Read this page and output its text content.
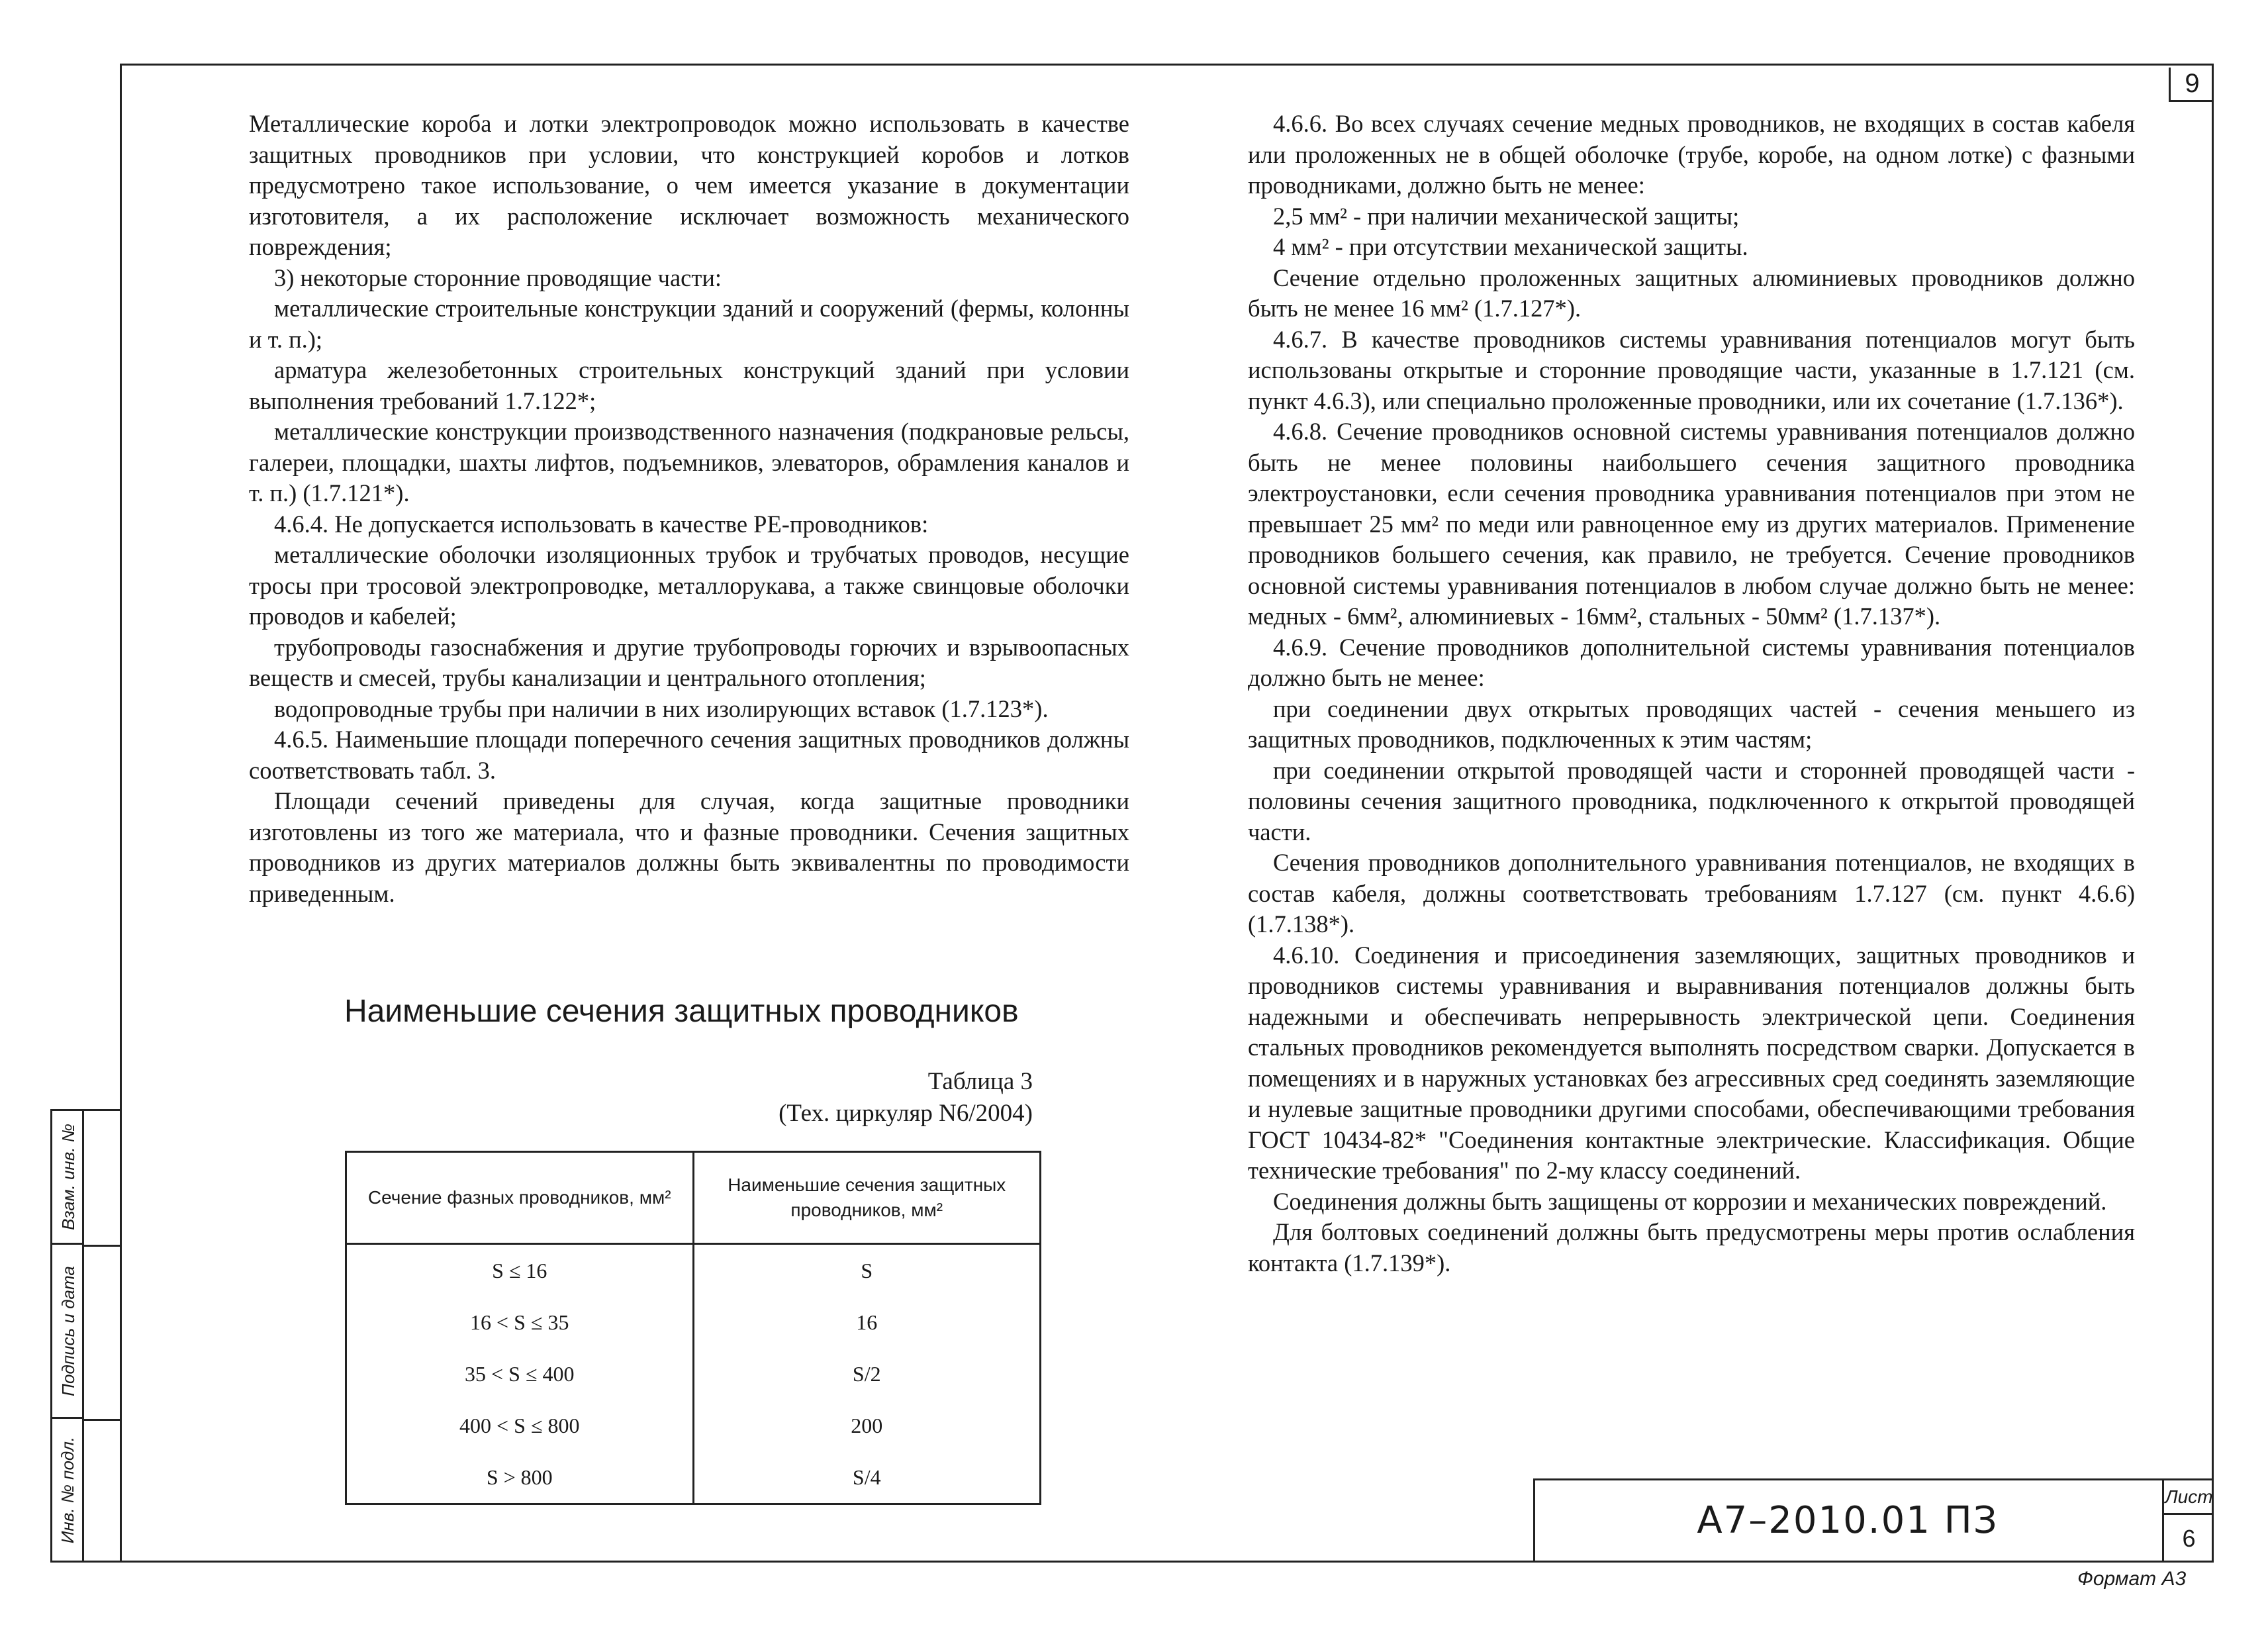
9
Взам. инв. №
Подпись и дата
Инв. № подл.

Металлические короба и лотки электропроводок можно использовать в качестве защитных проводников при условии, что конструкцией коробов и лотков предусмотрено такое использование, о чем имеется указание в документации изготовителя, а их расположение исключает возможность механического повреждения;

3) некоторые сторонние проводящие части:

металлические строительные конструкции зданий и сооружений (фермы, колонны и т. п.);

арматура железобетонных строительных конструкций зданий при условии выполнения требований 1.7.122*;

металлические конструкции производственного назначения (подкрановые рельсы, галереи, площадки, шахты лифтов, подъемников, элеваторов, обрамления каналов и т. п.) (1.7.121*).

4.6.4. Не допускается использовать в качестве PE-проводников:

металлические оболочки изоляционных трубок и трубчатых проводов, несущие тросы при тросовой электропроводке, металлорукава, а также свинцовые оболочки проводов и кабелей;

трубопроводы газоснабжения и другие трубопроводы горючих и взрывоопасных веществ и смесей, трубы канализации и центрального отопления;

водопроводные трубы при наличии в них изолирующих вставок (1.7.123*).

4.6.5. Наименьшие площади поперечного сечения защитных проводников должны соответствовать табл. 3.

Площади сечений приведены для случая, когда защитные проводники изготовлены из того же материала, что и фазные проводники. Сечения защитных проводников из других материалов должны быть эквивалентны по проводимости приведенным.

Наименьшие сечения защитных проводников
Таблица 3
(Тех. циркуляр N6/2004)
Сечение фазных проводников, мм²	Наименьшие сечения защитных проводников, мм²
S ≤ 16	S
16 < S ≤ 35	16
35 < S ≤ 400	S/2
400 < S ≤ 800	200
S > 800	S/4

4.6.6. Во всех случаях сечение медных проводников, не входящих в состав кабеля или проложенных не в общей оболочке (трубе, коробе, на одном лотке) с фазными проводниками, должно быть не менее:

2,5 мм² - при наличии механической защиты;

4 мм² - при отсутствии механической защиты.

Сечение отдельно проложенных защитных алюминиевых проводников должно быть не менее 16 мм² (1.7.127*).

4.6.7. В качестве проводников системы уравнивания потенциалов могут быть использованы открытые и сторонние проводящие части, указанные в 1.7.121 (см. пункт 4.6.3), или специально проложенные проводники, или их сочетание (1.7.136*).

4.6.8. Сечение проводников основной системы уравнивания потенциалов должно быть не менее половины наибольшего сечения защитного проводника электроустановки, если сечения проводника уравнивания потенциалов при этом не превышает 25 мм² по меди или равноценное ему из других материалов. Применение проводников большего сечения, как правило, не требуется. Сечение проводников основной системы уравнивания потенциалов в любом случае должно быть не менее: медных - 6мм², алюминиевых - 16мм², стальных - 50мм² (1.7.137*).

4.6.9. Сечение проводников дополнительной системы уравнивания потенциалов должно быть не менее:

при соединении двух открытых проводящих частей - сечения меньшего из защитных проводников, подключенных к этим частям;

при соединении открытой проводящей части и сторонней проводящей части - половины сечения защитного проводника, подключенного к открытой проводящей части.

Сечения проводников дополнительного уравнивания потенциалов, не входящих в состав кабеля, должны соответствовать требованиям 1.7.127 (см. пункт 4.6.6) (1.7.138*).

4.6.10. Соединения и присоединения заземляющих, защитных проводников и проводников системы уравнивания и выравнивания потенциалов должны быть надежными и обеспечивать непрерывность электрической цепи. Соединения стальных проводников рекомендуется выполнять посредством сварки. Допускается в помещениях и в наружных установках без агрессивных сред соединять заземляющие и нулевые защитные проводники другими способами, обеспечивающими требования ГОСТ 10434-82* "Соединения контактные электрические. Классификация. Общие технические требования" по 2-му классу соединений.

Соединения должны быть защищены от коррозии и механических повреждений.

Для болтовых соединений должны быть предусмотрены меры против ослабления контакта (1.7.139*).

А7–2010.01 ПЗ
Лист
6
Формат А3
